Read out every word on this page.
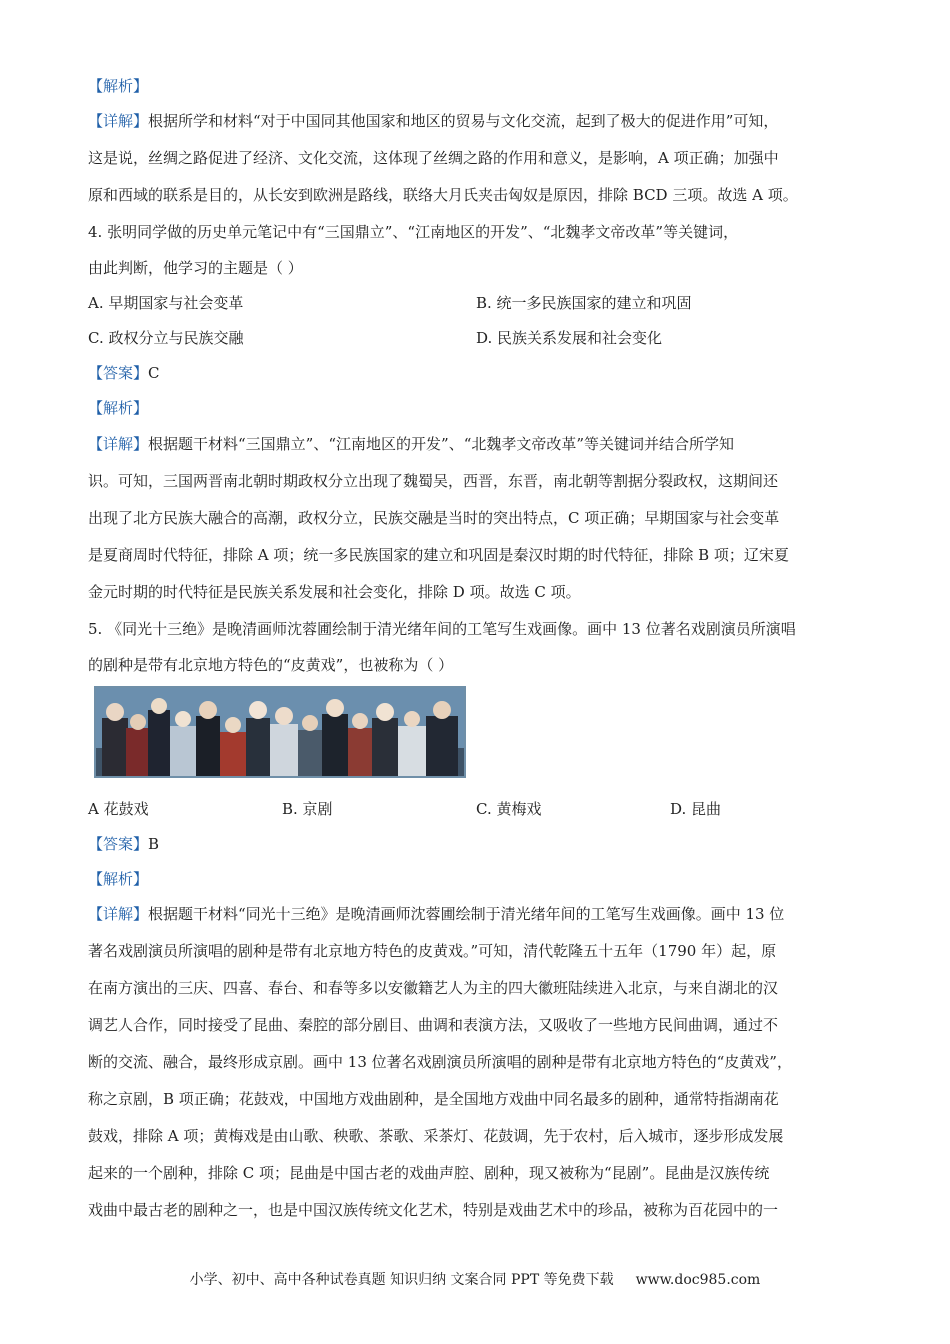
【解析】
【详解】根据所学和材料“对于中国同其他国家和地区的贸易与文化交流，起到了极大的促进作用”可知，
这是说，丝绸之路促进了经济、文化交流，这体现了丝绸之路的作用和意义，是影响，A 项正确；加强中
原和西域的联系是目的，从长安到欧洲是路线，联络大月氏夹击匈奴是原因，排除 BCD 三项。故选 A 项。
4. 张明同学做的历史单元笔记中有“三国鼎立”、“江南地区的开发”、“北魏孝文帝改革”等关键词，
由此判断，他学习的主题是（ ）
A. 早期国家与社会变革	B. 统一多民族国家的建立和巩固
C. 政权分立与民族交融	D. 民族关系发展和社会变化
【答案】C
【解析】
【详解】根据题干材料“三国鼎立”、“江南地区的开发”、“北魏孝文帝改革”等关键词并结合所学知
识。可知，三国两晋南北朝时期政权分立出现了魏蜀吴，西晋，东晋，南北朝等割据分裂政权，这期间还
出现了北方民族大融合的高潮，政权分立，民族交融是当时的突出特点，C 项正确；早期国家与社会变革
是夏商周时代特征，排除 A 项；统一多民族国家的建立和巩固是秦汉时期的时代特征，排除 B 项；辽宋夏
金元时期的时代特征是民族关系发展和社会变化，排除 D 项。故选 C 项。
5. 《同光十三绝》是晚清画师沈蓉圃绘制于清光绪年间的工笔写生戏画像。画中 13 位著名戏剧演员所演唱
的剧种是带有北京地方特色的“皮黄戏”，也被称为（ ）
A 花鼓戏	B. 京剧	C. 黄梅戏	D. 昆曲
【答案】B
【解析】
【详解】根据题干材料“同光十三绝》是晚清画师沈蓉圃绘制于清光绪年间的工笔写生戏画像。画中 13 位
著名戏剧演员所演唱的剧种是带有北京地方特色的皮黄戏。”可知，清代乾隆五十五年（1790 年）起，原
在南方演出的三庆、四喜、春台、和春等多以安徽籍艺人为主的四大徽班陆续进入北京，与来自湖北的汉
调艺人合作，同时接受了昆曲、秦腔的部分剧目、曲调和表演方法，又吸收了一些地方民间曲调，通过不
断的交流、融合，最终形成京剧。画中 13 位著名戏剧演员所演唱的剧种是带有北京地方特色的“皮黄戏”，
称之京剧，B 项正确；花鼓戏，中国地方戏曲剧种，是全国地方戏曲中同名最多的剧种，通常特指湖南花
鼓戏，排除 A 项；黄梅戏是由山歌、秧歌、茶歌、采茶灯、花鼓调，先于农村，后入城市，逐步形成发展
起来的一个剧种，排除 C 项；昆曲是中国古老的戏曲声腔、剧种，现又被称为“昆剧”。昆曲是汉族传统
戏曲中最古老的剧种之一，也是中国汉族传统文化艺术，特别是戏曲艺术中的珍品，被称为百花园中的一
小学、初中、高中各种试卷真题 知识归纳 文案合同 PPT 等免费下载 www.doc985.com
